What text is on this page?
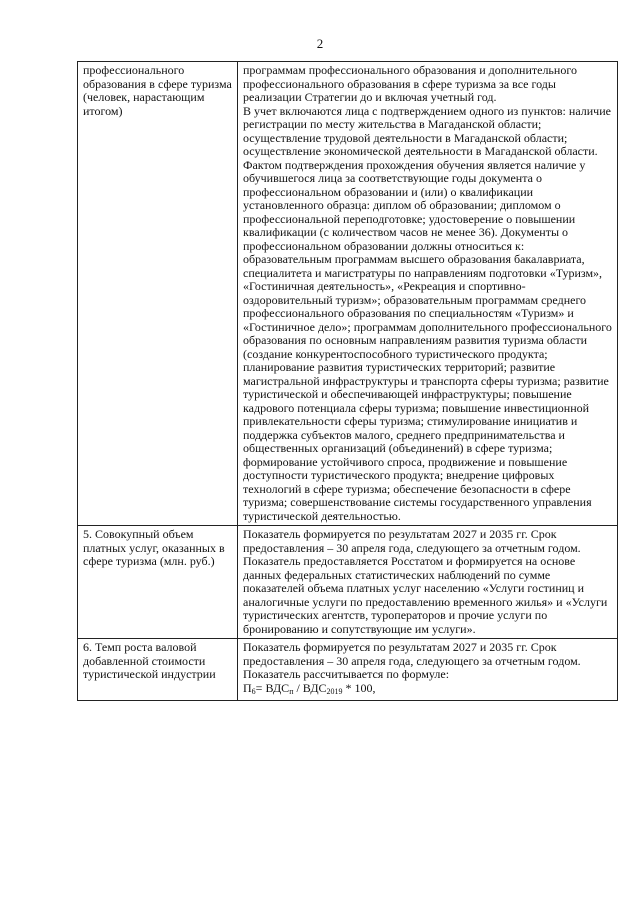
2

профессионального образования в сфере туризма (человек, нарастающим итогом)	программам профессионального образования и дополнительного профессионального образования в сфере туризма за все годы реализации Стратегии до и включая учетный год.

В учет включаются лица с подтверждением одного из пунктов: наличие регистрации по месту жительства в Магаданской области; осуществление трудовой деятельности в Магаданской области; осуществление экономической деятельности в Магаданской области.

Фактом подтверждения прохождения обучения является наличие у обучившегося лица за соответствующие годы документа о профессиональном образовании и (или) о квалификации установленного образца: диплом об образовании; дипломом о профессиональной переподготовке; удостоверение о повышении квалификации (с количеством часов не менее 36). Документы о профессиональном образовании должны относиться к: образовательным программам высшего образования бакалавриата, специалитета и магистратуры по направлениям подготовки «Туризм», «Гостиничная деятельность», «Рекреация и спортивно-оздоровительный туризм»; образовательным программам среднего профессионального образования по специальностям «Туризм» и «Гостиничное дело»; программам дополнительного профессионального образования по основным направлениям развития туризма области (создание конкурентоспособного туристического продукта; планирование развития туристических территорий; развитие магистральной инфраструктуры и транспорта сферы туризма; развитие туристической и обеспечивающей инфраструктуры; повышение кадрового потенциала сферы туризма; повышение инвестиционной привлекательности сферы туризма; стимулирование инициатив и поддержка субъектов малого, среднего предпринимательства и общественных организаций (объединений) в сфере туризма; формирование устойчивого спроса, продвижение и повышение доступности туристического продукта; внедрение цифровых технологий в сфере туризма; обеспечение безопасности в сфере туризма; совершенствование системы государственного управления туристической деятельностью.

5. Совокупный объем платных услуг, оказанных в сфере туризма (млн. руб.)	Показатель формируется по результатам 2027 и 2035 гг. Срок предоставления – 30 апреля года, следующего за отчетным годом. Показатель предоставляется Росстатом и формируется на основе данных федеральных статистических наблюдений по сумме показателей объема платных услуг населению «Услуги гостиниц и аналогичные услуги по предоставлению временного жилья» и «Услуги туристических агентств, туроператоров и прочие услуги по бронированию и сопутствующие им услуги».

6. Темп роста валовой добавленной стоимости туристической индустрии	Показатель формируется по результатам 2027 и 2035 гг. Срок предоставления – 30 апреля года, следующего за отчетным годом. Показатель рассчитывается по формуле:

$П_6= ВДС_п / ВДС_{2019} * 100$,
